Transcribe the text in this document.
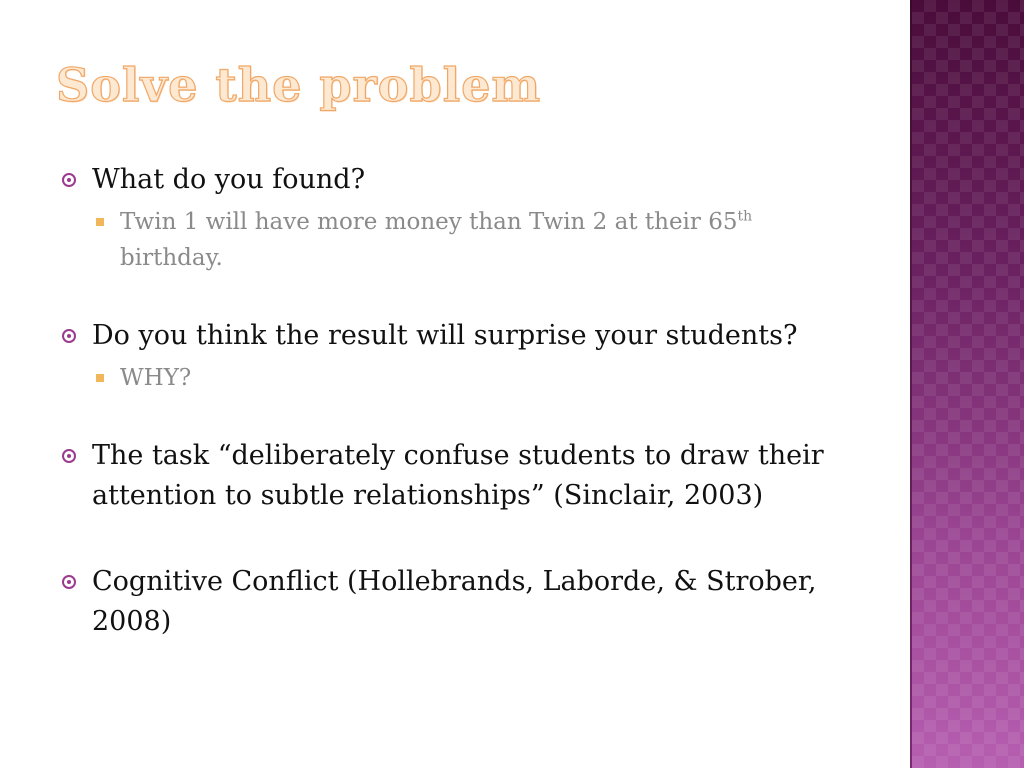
Solve the problem
What do you found?
Twin 1 will have more money than Twin 2 at their 65th birthday.
Do you think the result will surprise your students?
WHY?
The task “deliberately confuse students to draw their attention to subtle relationships” (Sinclair, 2003)
Cognitive Conflict (Hollebrands, Laborde, & Strober, 2008)
